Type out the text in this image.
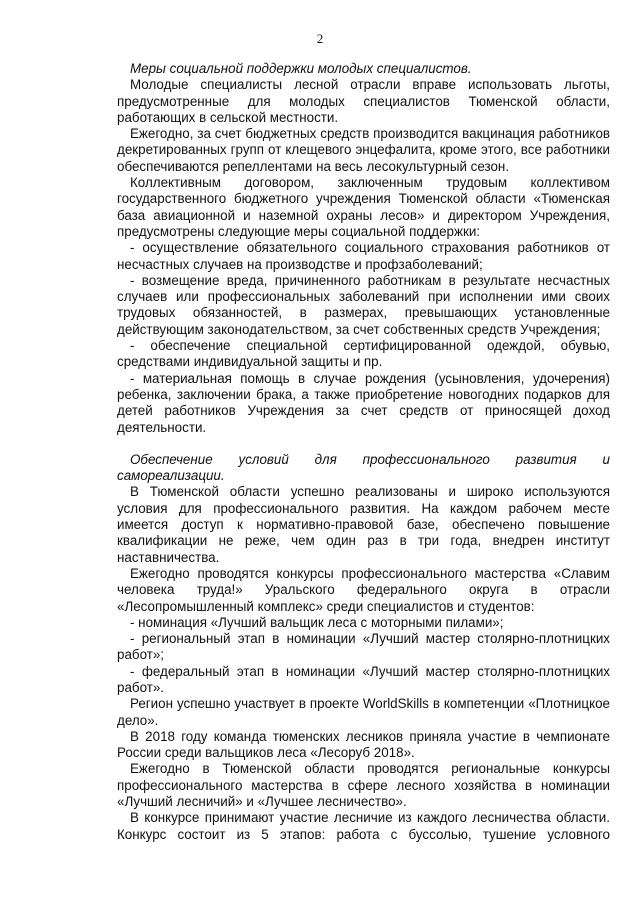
2

Меры социальной поддержки молодых специалистов.

Молодые специалисты лесной отрасли вправе использовать льготы, предусмотренные для молодых специалистов Тюменской области, работающих в сельской местности.

Ежегодно, за счет бюджетных средств производится вакцинация работников декретированных групп от клещевого энцефалита, кроме этого, все работники обеспечиваются репеллентами на весь лесокультурный сезон.

Коллективным договором, заключенным трудовым коллективом государственного бюджетного учреждения Тюменской области «Тюменская база авиационной и наземной охраны лесов» и директором Учреждения, предусмотрены следующие меры социальной поддержки:

- осуществление обязательного социального страхования работников от несчастных случаев на производстве и профзаболеваний;

- возмещение вреда, причиненного работникам в результате несчастных случаев или профессиональных заболеваний при исполнении ими своих трудовых обязанностей, в размерах, превышающих установленные действующим законодательством, за счет собственных средств Учреждения;

- обеспечение специальной сертифицированной одеждой, обувью, средствами индивидуальной защиты и пр.

- материальная помощь в случае рождения (усыновления, удочерения) ребенка, заключении брака, а также приобретение новогодних подарков для детей работников Учреждения за счет средств от приносящей доход деятельности.

Обеспечение условий для профессионального развития и самореализации.

В Тюменской области успешно реализованы и широко используются условия для профессионального развития. На каждом рабочем месте имеется доступ к нормативно-правовой базе, обеспечено повышение квалификации не реже, чем один раз в три года, внедрен институт наставничества.

Ежегодно проводятся конкурсы профессионального мастерства «Славим человека труда!» Уральского федерального округа в отрасли «Лесопромышленный комплекс» среди специалистов и студентов:

- номинация «Лучший вальщик леса с моторными пилами»;

- региональный этап в номинации «Лучший мастер столярно-плотницких работ»;

- федеральный этап в номинации «Лучший мастер столярно-плотницких работ».

Регион успешно участвует в проекте WorldSkills в компетенции «Плотницкое дело».

В 2018 году команда тюменских лесников приняла участие в чемпионате России среди вальщиков леса «Лесоруб 2018».

Ежегодно в Тюменской области проводятся региональные конкурсы профессионального мастерства в сфере лесного хозяйства в номинации «Лучший лесничий» и «Лучшее лесничество».

В конкурсе принимают участие лесничие из каждого лесничества области. Конкурс состоит из 5 этапов: работа с буссолью, тушение условного
